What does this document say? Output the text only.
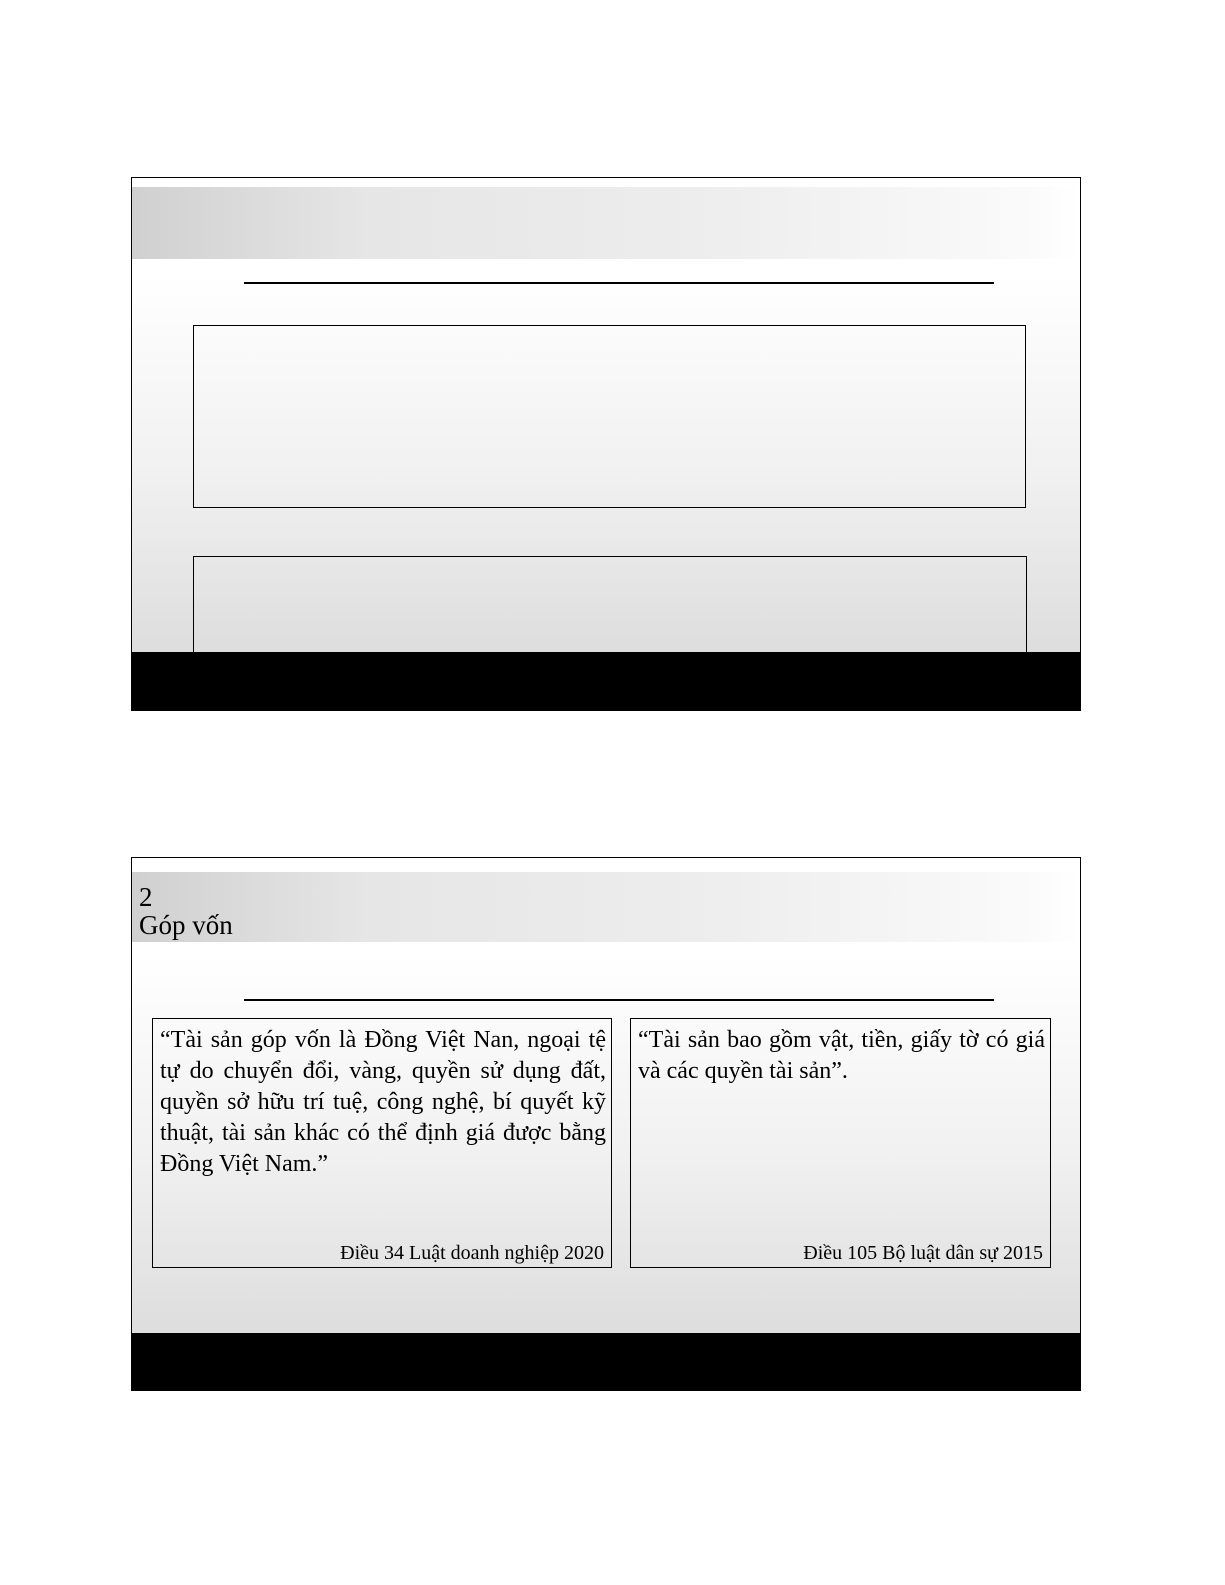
2
Góp vốn

“Tài sản góp vốn là Đồng Việt Nan, ngoại tệ tự do chuyển đổi, vàng, quyền sử dụng đất, quyền sở hữu trí tuệ, công nghệ, bí quyết kỹ thuật, tài sản khác có thể định giá được bằng Đồng Việt Nam.”

Điều 34 Luật doanh nghiệp 2020

“Tài sản bao gồm vật, tiền, giấy tờ có giá và các quyền tài sản”.

Điều 105 Bộ luật dân sự 2015
